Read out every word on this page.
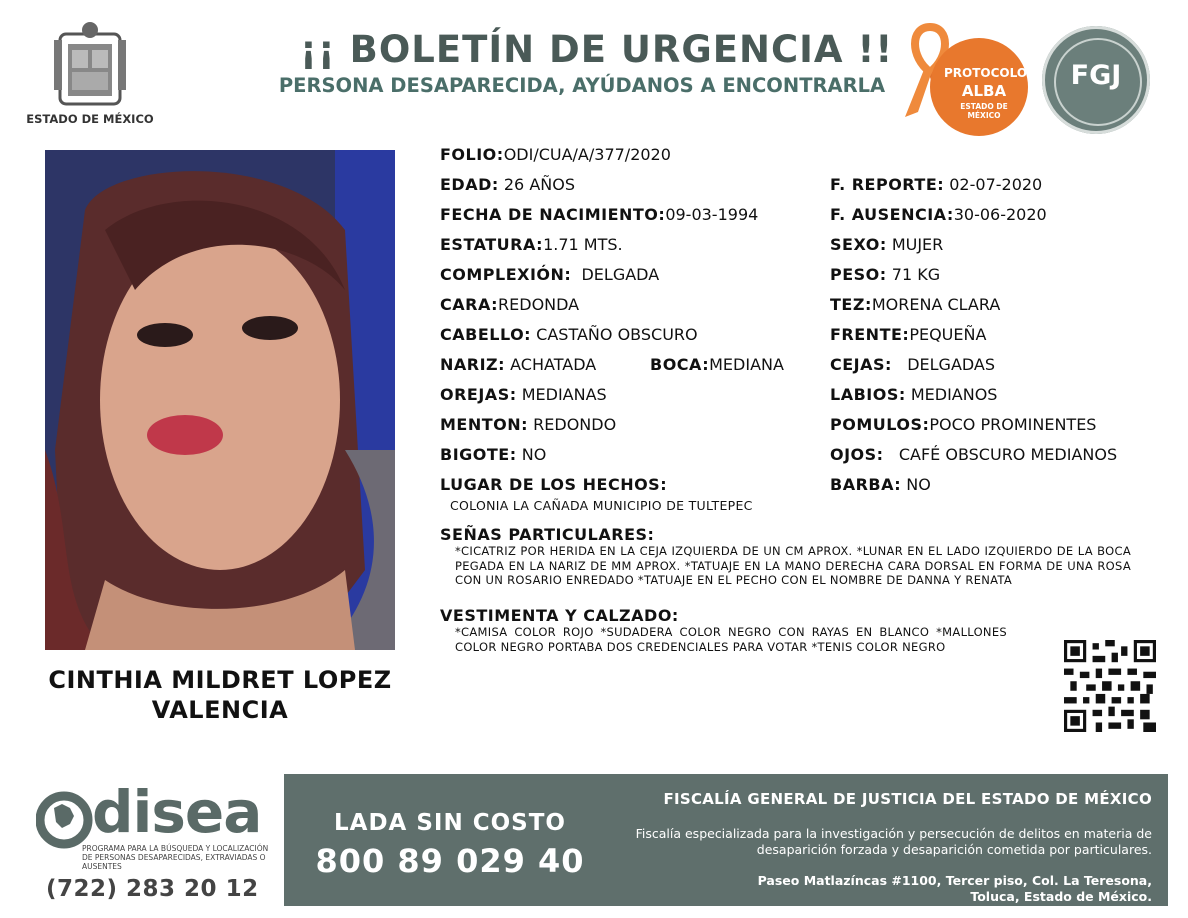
ESTADO DE MÉXICO
¡¡ BOLETÍN DE URGENCIA !!
PERSONA DESAPARECIDA, AYÚDANOS A ENCONTRARLA
PROTOCOLO
ALBA
ESTADO DE MÉXICO
FGJ
CINTHIA MILDRET LOPEZ
VALENCIA
FOLIO:ODI/CUA/A/377/2020
EDAD: 26 AÑOS
FECHA DE NACIMIENTO:09-03-1994
ESTATURA:1.71 MTS.
COMPLEXIÓN: DELGADA
CARA:REDONDA
CABELLO: CASTAÑO OBSCURO
NARIZ: ACHATADA	BOCA:MEDIANA
OREJAS: MEDIANAS
MENTON: REDONDO
BIGOTE: NO
LUGAR DE LOS HECHOS:
COLONIA LA CAÑADA MUNICIPIO DE TULTEPEC
F. REPORTE: 02-07-2020
F. AUSENCIA:30-06-2020
SEXO: MUJER
PESO: 71 KG
TEZ:MORENA CLARA
FRENTE:PEQUEÑA
CEJAS: DELGADAS
LABIOS: MEDIANOS
POMULOS:POCO PROMINENTES
OJOS: CAFÉ OBSCURO MEDIANOS
BARBA: NO
SEÑAS PARTICULARES:
*CICATRIZ POR HERIDA EN LA CEJA IZQUIERDA DE UN CM APROX. *LUNAR EN EL LADO IZQUIERDO DE LA BOCA PEGADA EN LA NARIZ DE MM APROX. *TATUAJE EN LA MANO DERECHA CARA DORSAL EN FORMA DE UNA ROSA CON UN ROSARIO ENREDADO *TATUAJE EN EL PECHO CON EL NOMBRE DE DANNA Y RENATA
VESTIMENTA Y CALZADO:
*CAMISA COLOR ROJO *SUDADERA COLOR NEGRO CON RAYAS EN BLANCO *MALLONES COLOR NEGRO PORTABA DOS CREDENCIALES PARA VOTAR *TENIS COLOR NEGRO
disea
PROGRAMA PARA LA BÚSQUEDA Y LOCALIZACIÓN DE PERSONAS DESAPARECIDAS, EXTRAVIADAS O AUSENTES
(722) 283 20 12
LADA SIN COSTO
800 89 029 40
FISCALÍA GENERAL DE JUSTICIA DEL ESTADO DE MÉXICO
Fiscalía especializada para la investigación y persecución de delitos en materia de desaparición forzada y desaparición cometida por particulares.
Paseo Matlazíncas #1100, Tercer piso, Col. La Teresona,
Toluca, Estado de México.
